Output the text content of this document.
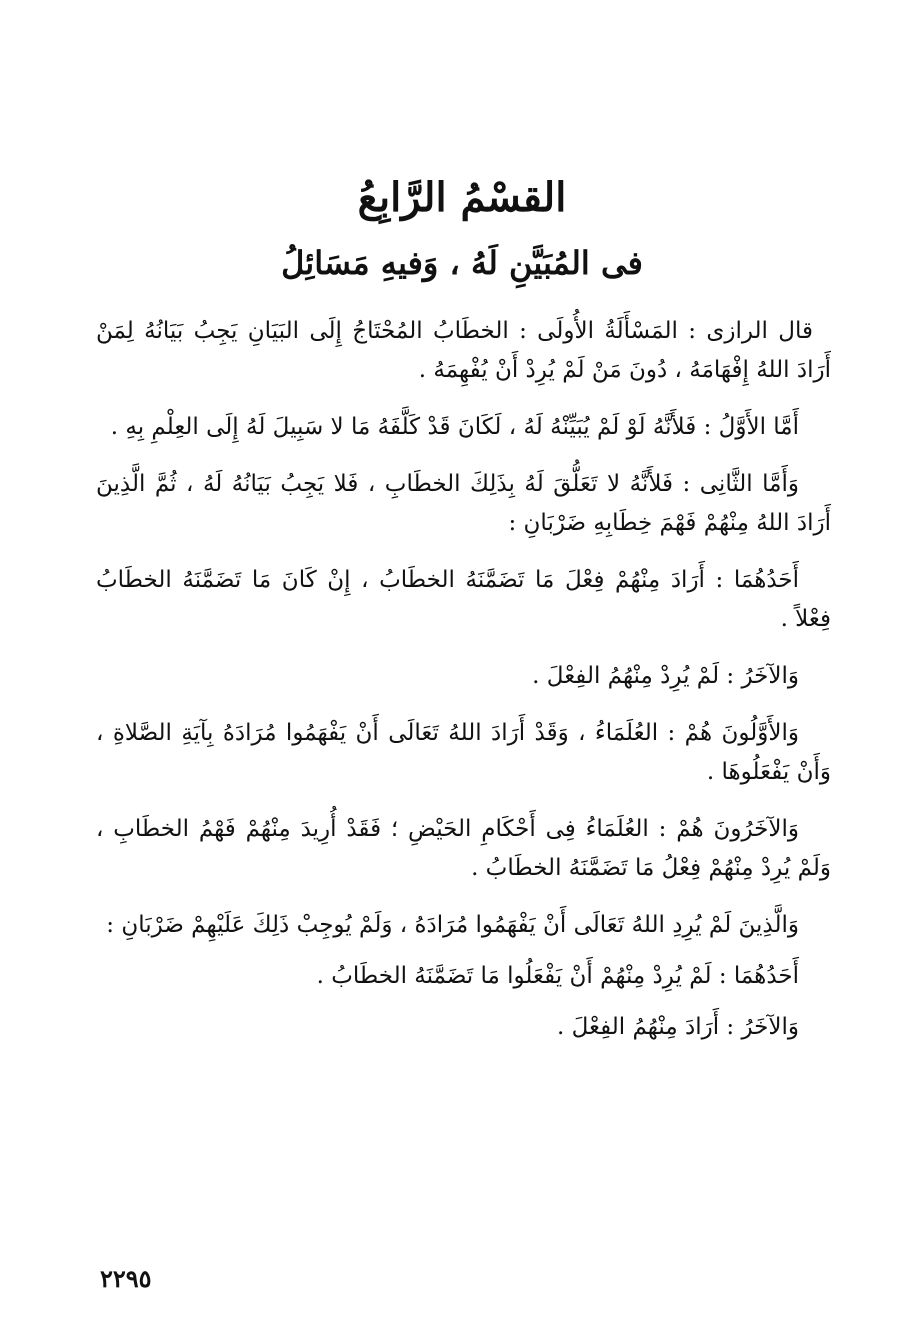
القسْمُ الرَّابِعُ
فى المُبَيَّنِ لَهُ ، وَفيهِ مَسَائِلُ

قال الرازى : المَسْأَلَةُ الأُولَى : الخطَابُ المُحْتَاجُ إِلَى البَيَانِ يَجِبُ بَيَانُهُ لِمَنْ أَرَادَ اللهُ إِفْهَامَهُ ، دُونَ مَنْ لَمْ يُرِدْ أَنْ يُفْهِمَهُ .

أَمَّا الأَوَّلُ : فَلأَنَّهُ لَوْ لَمْ يُبَيِّنْهُ لَهُ ، لَكَانَ قَدْ كَلَّفَهُ مَا لا سَبِيلَ لَهُ إِلَى العِلْمِ بِهِ .

وَأَمَّا الثَّانِى : فَلأَنَّهُ لا تَعَلُّقَ لَهُ بِذَلِكَ الخطَابِ ، فَلا يَجِبُ بَيَانُهُ لَهُ ، ثُمَّ الَّذِينَ أَرَادَ اللهُ مِنْهُمْ فَهْمَ خِطَابِهِ ضَرْبَانِ :

أَحَدُهُمَا : أَرَادَ مِنْهُمْ فِعْلَ مَا تَضَمَّنَهُ الخطَابُ ، إِنْ كَانَ مَا تَضَمَّنَهُ الخطَابُ فِعْلاً .

وَالآخَرُ : لَمْ يُرِدْ مِنْهُمُ الفِعْلَ .

وَالأَوَّلُونَ هُمْ : العُلَمَاءُ ، وَقَدْ أَرَادَ اللهُ تَعَالَى أَنْ يَفْهَمُوا مُرَادَهُ بِآيَةِ الصَّلاةِ ، وَأَنْ يَفْعَلُوهَا .

وَالآخَرُونَ هُمْ : العُلَمَاءُ فِى أَحْكَامِ الحَيْضِ ؛ فَقَدْ أُرِيدَ مِنْهُمْ فَهْمُ الخطَابِ ، وَلَمْ يُرِدْ مِنْهُمْ فِعْلُ مَا تَضَمَّنَهُ الخطَابُ .

وَالَّذِينَ لَمْ يُرِدِ اللهُ تَعَالَى أَنْ يَفْهَمُوا مُرَادَهُ ، وَلَمْ يُوجِبْ ذَلِكَ عَلَيْهِمْ ضَرْبَانِ :

أَحَدُهُمَا : لَمْ يُرِدْ مِنْهُمْ أَنْ يَفْعَلُوا مَا تَضَمَّنَهُ الخطَابُ .

وَالآخَرُ : أَرَادَ مِنْهُمُ الفِعْلَ .

٢٢٩٥
